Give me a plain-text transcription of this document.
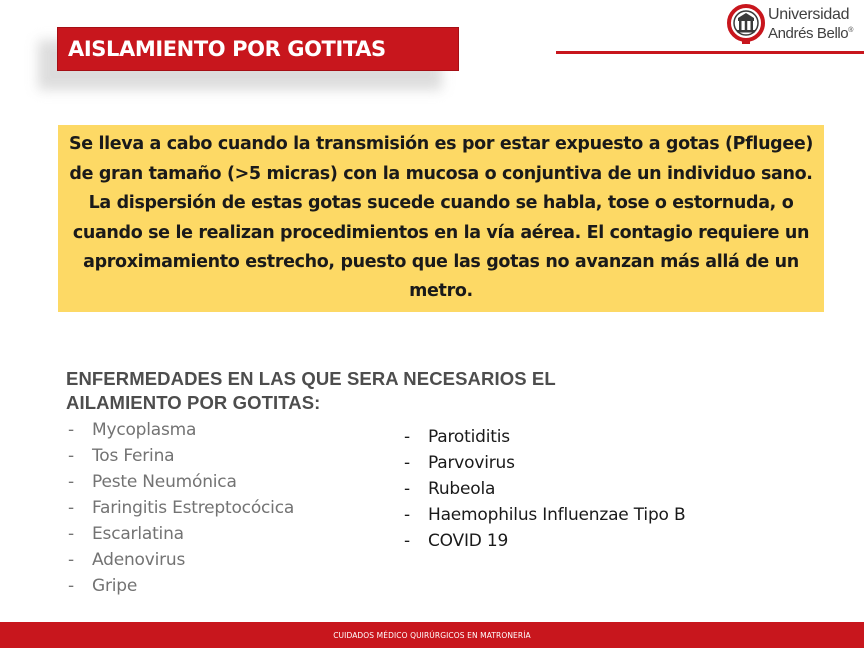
AISLAMIENTO POR GOTITAS
Universidad
Andrés Bello®

Se lleva a cabo cuando la transmisión es por estar expuesto a gotas (Pflugee) de gran tamaño (>5 micras) con la mucosa o conjuntiva de un individuo sano. La dispersión de estas gotas sucede cuando se habla, tose o estornuda, o cuando se le realizan procedimientos en la vía aérea. El contagio requiere un aproximamiento estrecho, puesto que las gotas no avanzan más allá de un metro.

ENFERMEDADES EN LAS QUE SERA NECESARIOS EL
AILAMIENTO POR GOTITAS:
-	Mycoplasma
-	Tos Ferina
-	Peste Neumónica
-	Faringitis Estreptocócica
-	Escarlatina
-	Adenovirus
-	Gripe
-	Parotiditis
-	Parvovirus
-	Rubeola
-	Haemophilus Influenzae Tipo B
-	COVID 19
CUIDADOS MÉDICO QUIRÚRGICOS EN MATRONERÍA
